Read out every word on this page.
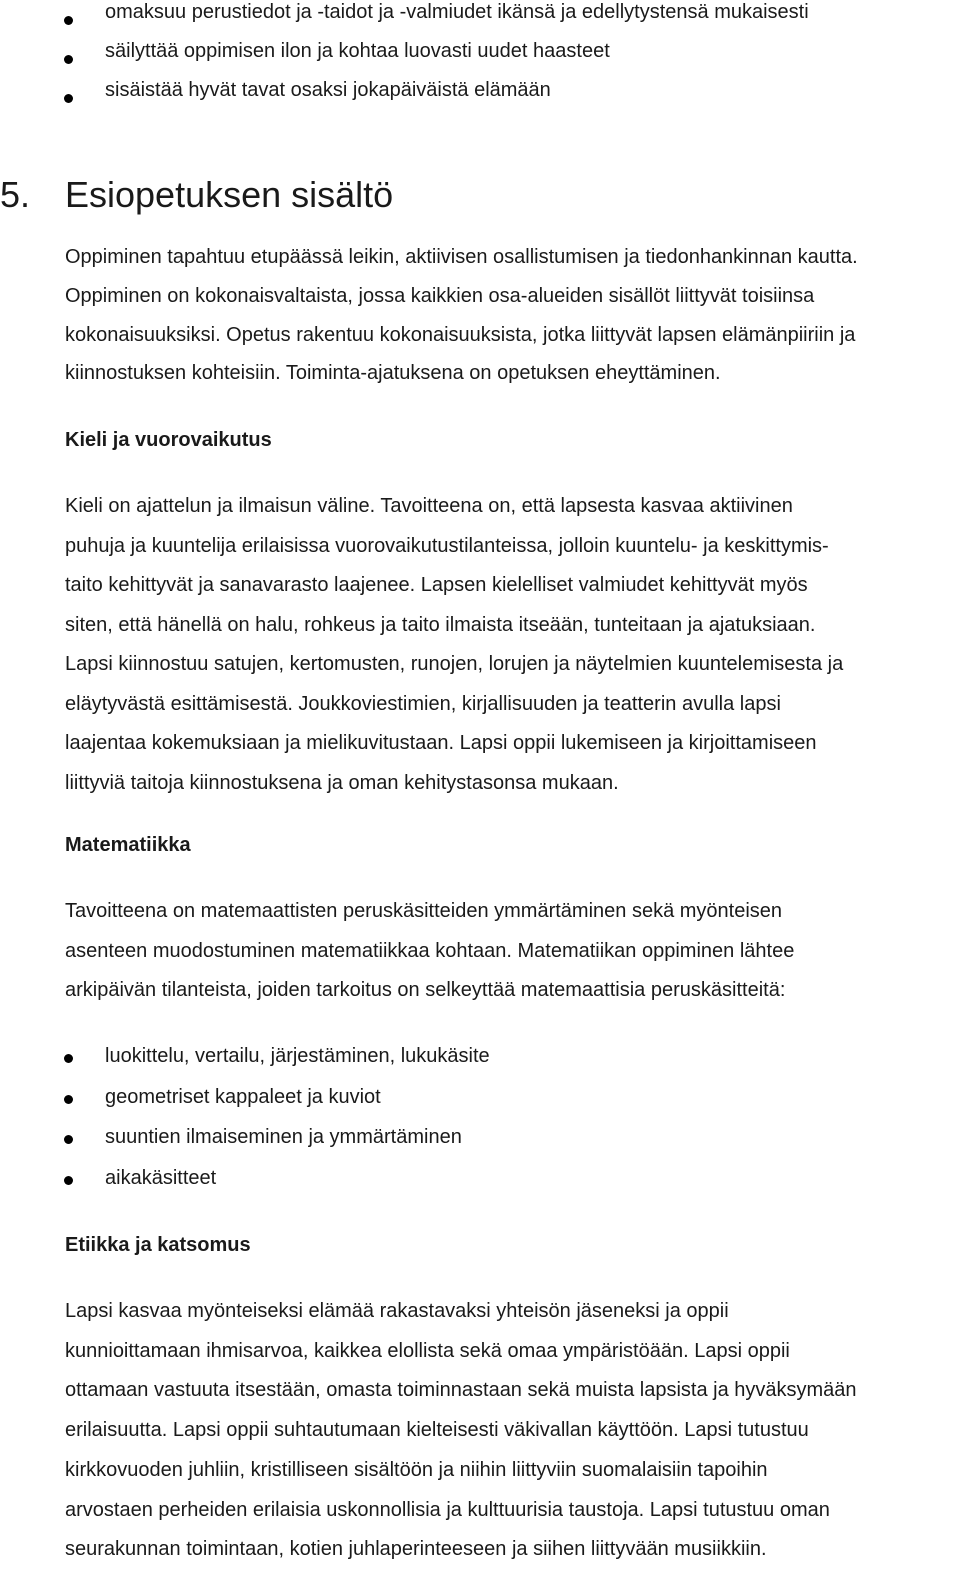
omaksuu perustiedot ja -taidot ja -valmiudet ikänsä ja edellytystensä mukaisesti
säilyttää oppimisen ilon ja kohtaa luovasti uudet haasteet
sisäistää hyvät tavat osaksi jokapäiväistä elämään
5. Esiopetuksen sisältö
Oppiminen tapahtuu etupäässä leikin, aktiivisen osallistumisen ja tiedonhankinnan kautta.
Oppiminen on kokonaisvaltaista, jossa kaikkien osa-alueiden sisällöt liittyvät toisiinsa
kokonaisuuksiksi. Opetus rakentuu kokonaisuuksista, jotka liittyvät lapsen elämänpiiriin ja
kiinnostuksen kohteisiin. Toiminta-ajatuksena on opetuksen eheyttäminen.
Kieli ja vuorovaikutus
Kieli on ajattelun ja ilmaisun väline. Tavoitteena on, että lapsesta kasvaa aktiivinen
puhuja ja kuuntelija erilaisissa vuorovaikutustilanteissa, jolloin kuuntelu- ja keskittymis-
taito kehittyvät ja sanavarasto laajenee. Lapsen kielelliset valmiudet kehittyvät myös
siten, että hänellä on halu, rohkeus ja taito ilmaista itseään, tunteitaan ja ajatuksiaan.
Lapsi kiinnostuu satujen, kertomusten, runojen, lorujen ja näytelmien kuuntelemisesta ja
eläytyvästä esittämisestä. Joukkoviestimien, kirjallisuuden ja teatterin avulla lapsi
laajentaa kokemuksiaan ja mielikuvitustaan. Lapsi oppii lukemiseen ja kirjoittamiseen
liittyviä taitoja kiinnostuksena ja oman kehitystasonsa mukaan.
Matematiikka
Tavoitteena on matemaattisten peruskäsitteiden ymmärtäminen sekä myönteisen
asenteen muodostuminen matematiikkaa kohtaan. Matematiikan oppiminen lähtee
arkipäivän tilanteista, joiden tarkoitus on selkeyttää matemaattisia peruskäsitteitä:
luokittelu, vertailu, järjestäminen, lukukäsite
geometriset kappaleet ja kuviot
suuntien ilmaiseminen ja ymmärtäminen
aikakäsitteet
Etiikka ja katsomus
Lapsi kasvaa myönteiseksi elämää rakastavaksi yhteisön jäseneksi ja oppii
kunnioittamaan ihmisarvoa, kaikkea elollista sekä omaa ympäristöään. Lapsi oppii
ottamaan vastuuta itsestään, omasta toiminnastaan sekä muista lapsista ja hyväksymään
erilaisuutta. Lapsi oppii suhtautumaan kielteisesti väkivallan käyttöön. Lapsi tutustuu
kirkkovuoden juhliin, kristilliseen sisältöön ja niihin liittyviin suomalaisiin tapoihin
arvostaen perheiden erilaisia uskonnollisia ja kulttuurisia taustoja. Lapsi tutustuu oman
seurakunnan toimintaan, kotien juhlaperinteeseen ja siihen liittyvään musiikkiin.
